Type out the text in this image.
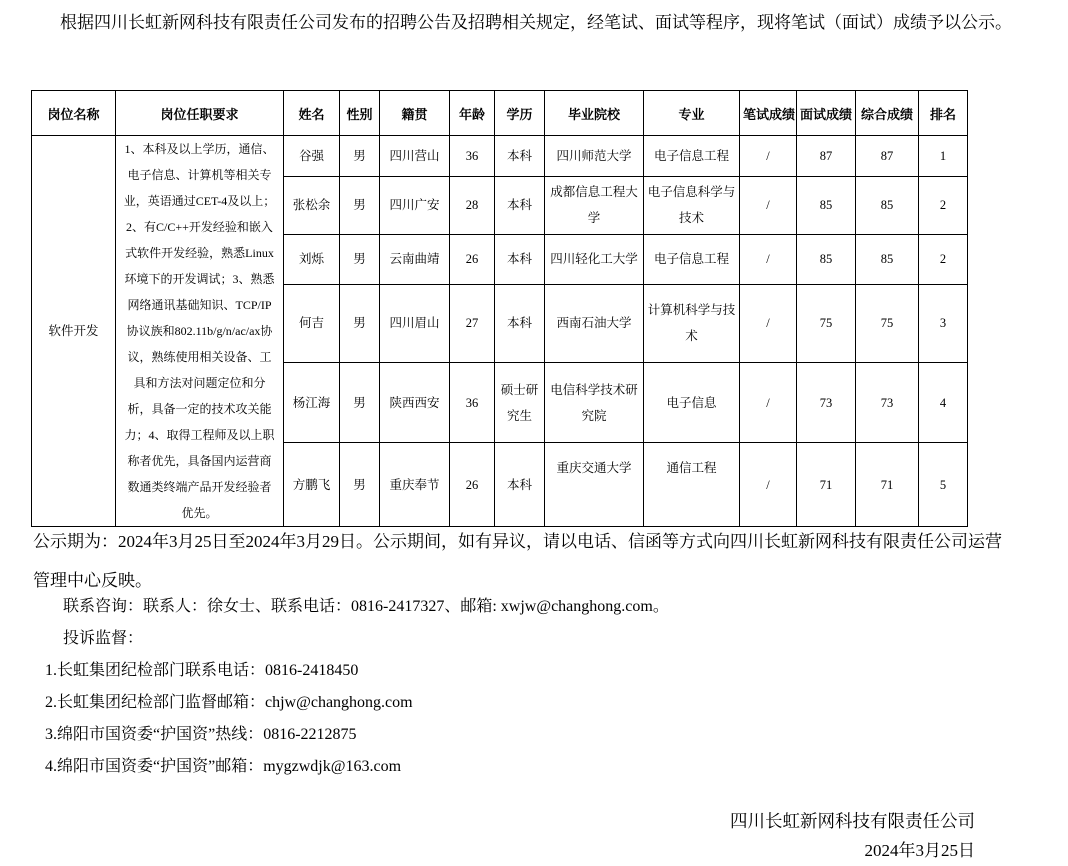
根据四川长虹新网科技有限责任公司发布的招聘公告及招聘相关规定，经笔试、面试等程序，现将笔试（面试）成绩予以公示。
岗位名称	岗位任职要求	姓名	性别	籍贯	年龄	学历	毕业院校	专业	笔试成绩	面试成绩	综合成绩	排名
软件开发	1、本科及以上学历，通信、电子信息、计算机等相关专业，英语通过CET-4及以上；2、有C/C++开发经验和嵌入式软件开发经验，熟悉Linux环境下的开发调试；3、熟悉网络通讯基础知识、TCP/IP协议族和802.11b/g/n/ac/ax协议，熟练使用相关设备、工具和方法对问题定位和分析，具备一定的技术攻关能力；4、取得工程师及以上职称者优先，具备国内运营商数通类终端产品开发经验者优先。	谷强	男	四川营山	36	本科	四川师范大学	电子信息工程	/	87	87	1
		张松余	男	四川广安	28	本科	成都信息工程大学	电子信息科学与技术	/	85	85	2
		刘烁	男	云南曲靖	26	本科	四川轻化工大学	电子信息工程	/	85	85	2
		何吉	男	四川眉山	27	本科	西南石油大学	计算机科学与技术	/	75	75	3
		杨江海	男	陕西西安	36	硕士研究生	电信科学技术研究院	电子信息	/	73	73	4
		方鹏飞	男	重庆奉节	26	本科	重庆交通大学	通信工程	/	71	71	5
公示期为：2024年3月25日至2024年3月29日。公示期间，如有异议，请以电话、信函等方式向四川长虹新网科技有限责任公司运营管理中心反映。
联系咨询：联系人：徐女士、联系电话：0816-2417327、邮箱: xwjw@changhong.com。
投诉监督：
1.长虹集团纪检部门联系电话：0816-2418450
2.长虹集团纪检部门监督邮箱：chjw@changhong.com
3.绵阳市国资委“护国资”热线：0816-2212875
4.绵阳市国资委“护国资”邮箱：mygzwdjk@163.com
四川长虹新网科技有限责任公司
2024年3月25日
